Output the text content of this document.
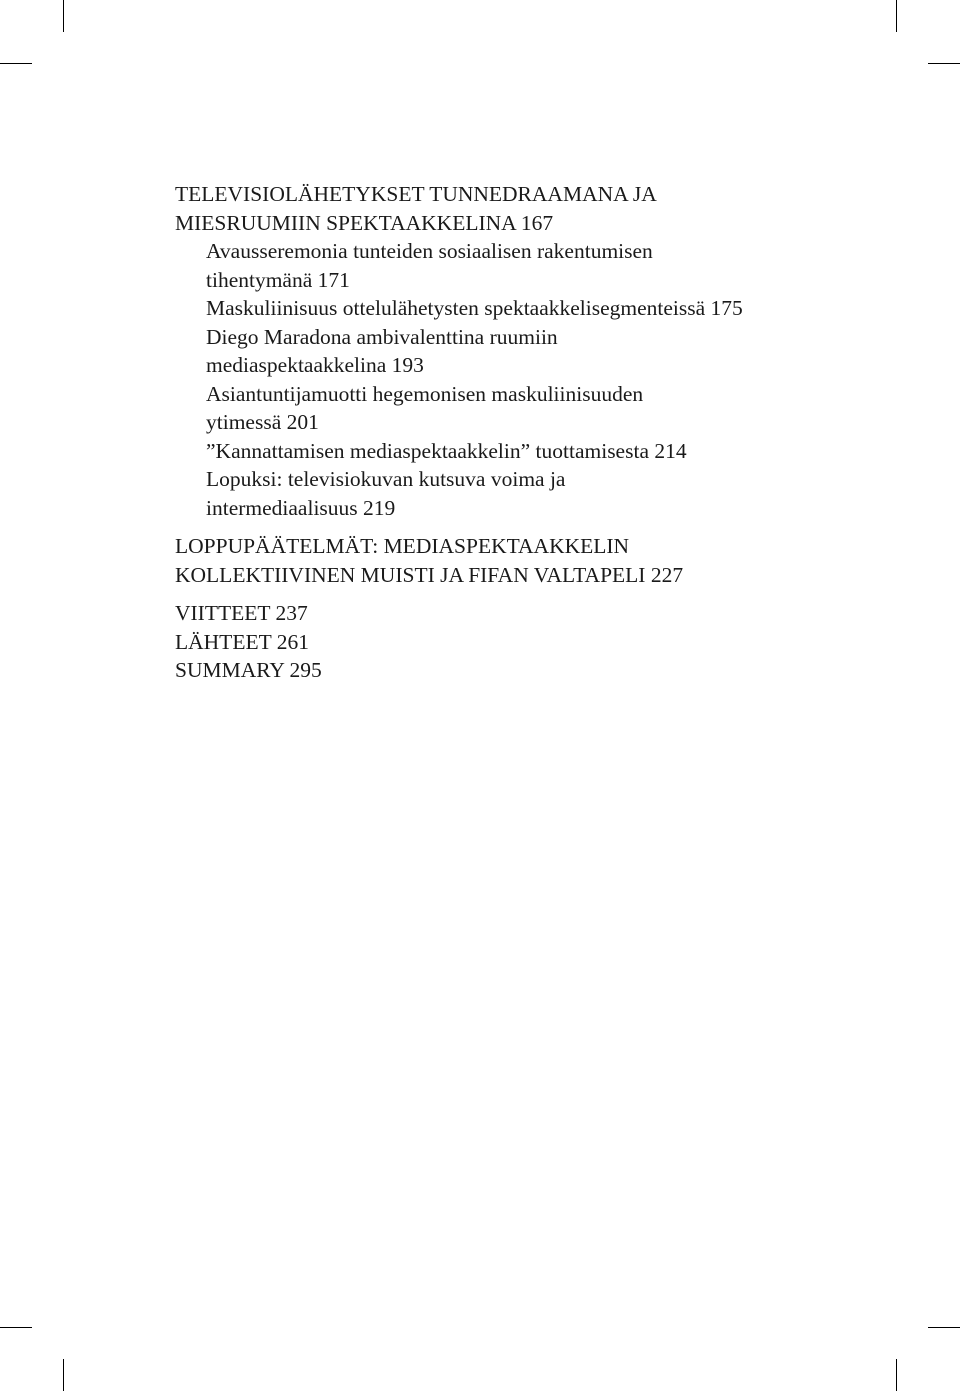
TELEVISIOLÄHETYKSET TUNNEDRAAMANA JA

MIESRUUMIIN SPEKTAAKKELINA 167

Avausseremonia tunteiden sosiaalisen rakentumisen

tihentymänä 171

Maskuliinisuus ottelulähetysten spektaakkelisegmenteissä 175

Diego Maradona ambivalenttina ruumiin

mediaspektaakkelina 193

Asiantuntijamuotti hegemonisen maskuliinisuuden

ytimessä 201

”Kannattamisen mediaspektaakkelin” tuottamisesta 214

Lopuksi: televisiokuvan kutsuva voima ja

intermediaalisuus 219

LOPPUPÄÄTELMÄT: MEDIASPEKTAAKKELIN

KOLLEKTIIVINEN MUISTI JA FIFAN VALTAPELI 227

VIITTEET 237

LÄHTEET 261

SUMMARY 295
